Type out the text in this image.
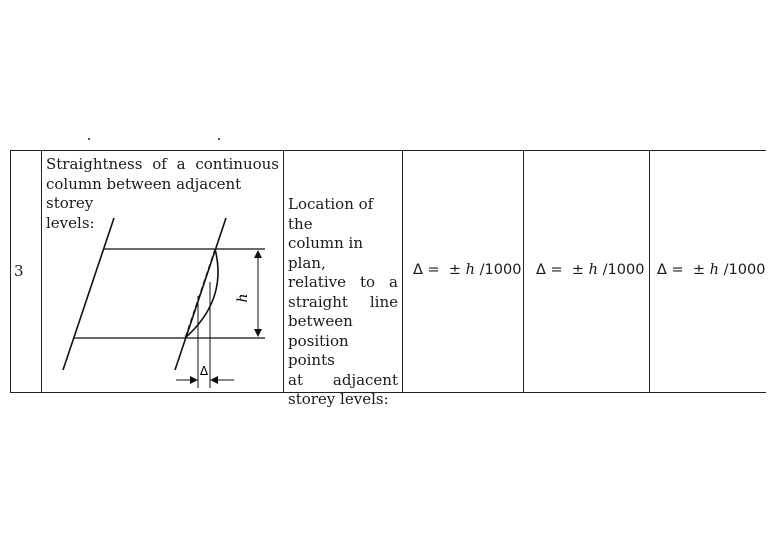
3
Straightness of a continuous
column between adjacent storey
levels:
h
Δ
Location of the
column in plan,
relative to a
straight line
between
position points
at adjacent
storey levels:
Δ = ± h /1000 Δ = ± h /1000 Δ = ± h /1000
